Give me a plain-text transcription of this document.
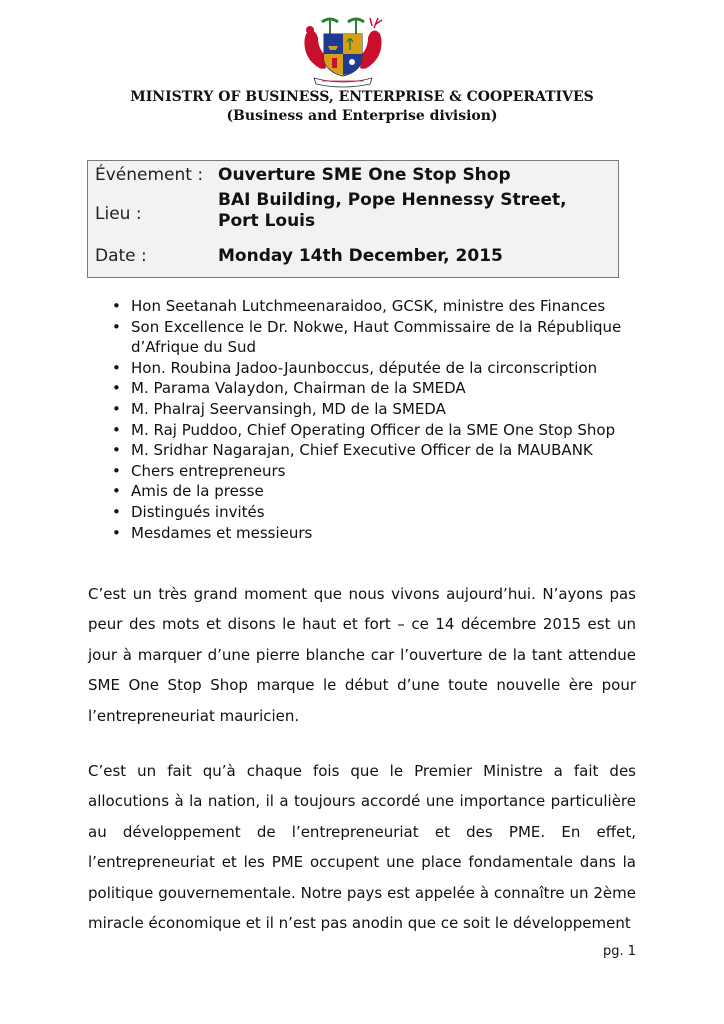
MINISTRY OF BUSINESS, ENTERPRISE & COOPERATIVES
(Business and Enterprise division)
Événement : Ouverture SME One Stop Shop
Lieu :
BAI Building, Pope Hennessy Street, Port Louis
Date :	Monday 14th December, 2015
• Hon Seetanah Lutchmeenaraidoo, GCSK, ministre des Finances
• Son Excellence le Dr. Nokwe, Haut Commissaire de la République d’Afrique du Sud
• Hon. Roubina Jadoo-Jaunboccus, députée de la circonscription
• M. Parama Valaydon, Chairman de la SMEDA
• M. Phalraj Seervansingh, MD de la SMEDA
• M. Raj Puddoo, Chief Operating Officer de la SME One Stop Shop
• M. Sridhar Nagarajan, Chief Executive Officer de la MAUBANK
• Chers entrepreneurs
• Amis de la presse
• Distingués invités
• Mesdames et messieurs

C’est un très grand moment que nous vivons aujourd’hui. N’ayons pas peur des mots et disons le haut et fort – ce 14 décembre 2015 est un jour à marquer d’une pierre blanche car l’ouverture de la tant attendue SME One Stop Shop marque le début d’une toute nouvelle ère pour l’entrepreneuriat mauricien.

C’est un fait qu’à chaque fois que le Premier Ministre a fait des allocutions à la nation, il a toujours accordé une importance particulière au développement de l’entrepreneuriat et des PME. En effet, l’entrepreneuriat et les PME occupent une place fondamentale dans la politique gouvernementale. Notre pays est appelée à connaître un 2ème miracle économique et il n’est pas anodin que ce soit le développement

pg. 1
